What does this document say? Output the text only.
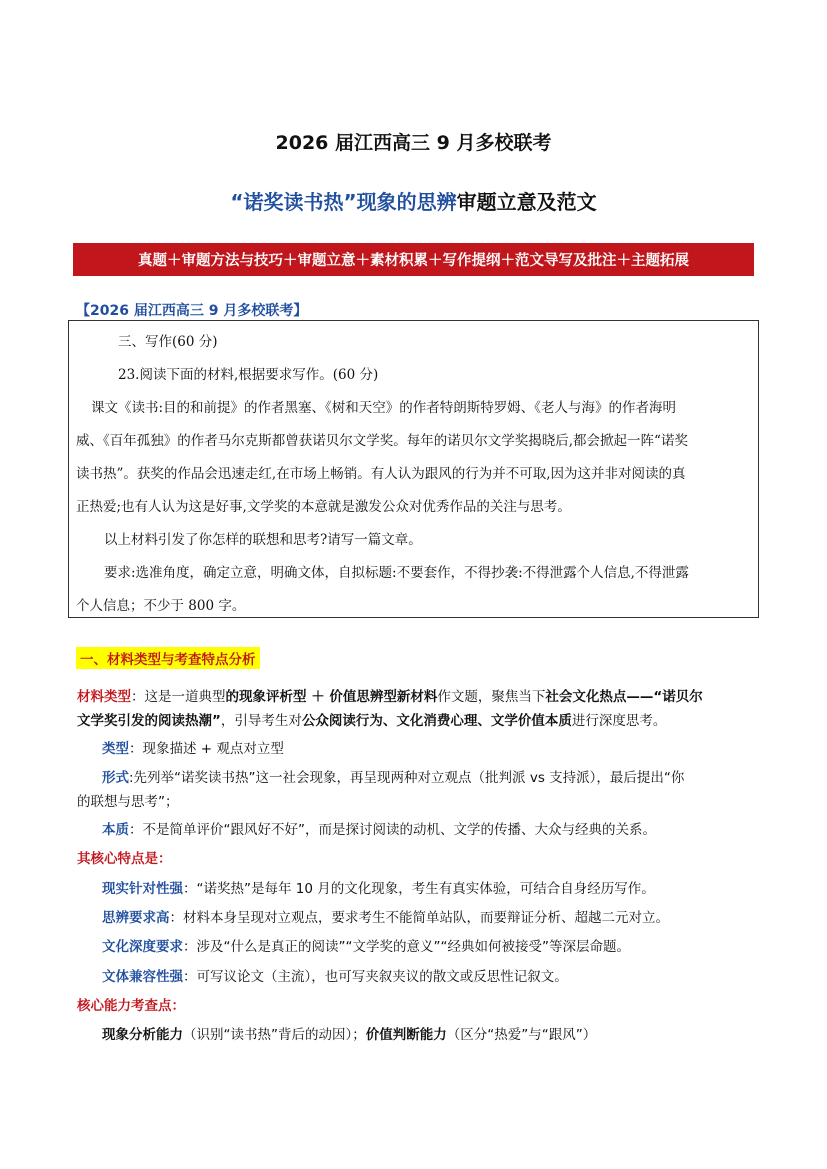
2026 届江西高三 9 月多校联考
“诺奖读书热”现象的思辨审题立意及范文
真题＋审题方法与技巧＋审题立意＋素材积累＋写作提纲＋范文导写及批注＋主题拓展
【2026 届江西高三 9 月多校联考】
三、写作(60 分)
23.阅读下面的材料,根据要求写作。(60 分)
课文《读书:目的和前提》的作者黑塞、《树和天空》的作者特朗斯特罗姆、《老人与海》的作者海明
威、《百年孤独》的作者马尔克斯都曾获诺贝尔文学奖。每年的诺贝尔文学奖揭晓后,都会掀起一阵“诺奖
读书热”。获奖的作品会迅速走红,在市场上畅销。有人认为跟风的行为并不可取,因为这并非对阅读的真
正热爱;也有人认为这是好事,文学奖的本意就是激发公众对优秀作品的关注与思考。
以上材料引发了你怎样的联想和思考?请写一篇文章。
要求:选准角度，确定立意，明确文体，自拟标题:不要套作，不得抄袭:不得泄露个人信息,不得泄露
个人信息；不少于 800 字。
一、材料类型与考查特点分析
材料类型：这是一道典型的现象评析型 ＋ 价值思辨型新材料作文题，聚焦当下社会文化热点——“诺贝尔
文学奖引发的阅读热潮”，引导考生对公众阅读行为、文化消费心理、文学价值本质进行深度思考。
类型：现象描述 + 观点对立型
形式:先列举“诺奖读书热”这一社会现象，再呈现两种对立观点（批判派 vs 支持派），最后提出“你
的联想与思考”；
本质：不是简单评价“跟风好不好”，而是探讨阅读的动机、文学的传播、大众与经典的关系。
其核心特点是：
现实针对性强：“诺奖热”是每年 10 月的文化现象，考生有真实体验，可结合自身经历写作。
思辨要求高：材料本身呈现对立观点，要求考生不能简单站队，而要辩证分析、超越二元对立。
文化深度要求：涉及“什么是真正的阅读”“文学奖的意义”“经典如何被接受”等深层命题。
文体兼容性强：可写议论文（主流），也可写夹叙夹议的散文或反思性记叙文。
核心能力考查点：
现象分析能力（识别“读书热”背后的动因）；价值判断能力（区分“热爱”与“跟风”）
